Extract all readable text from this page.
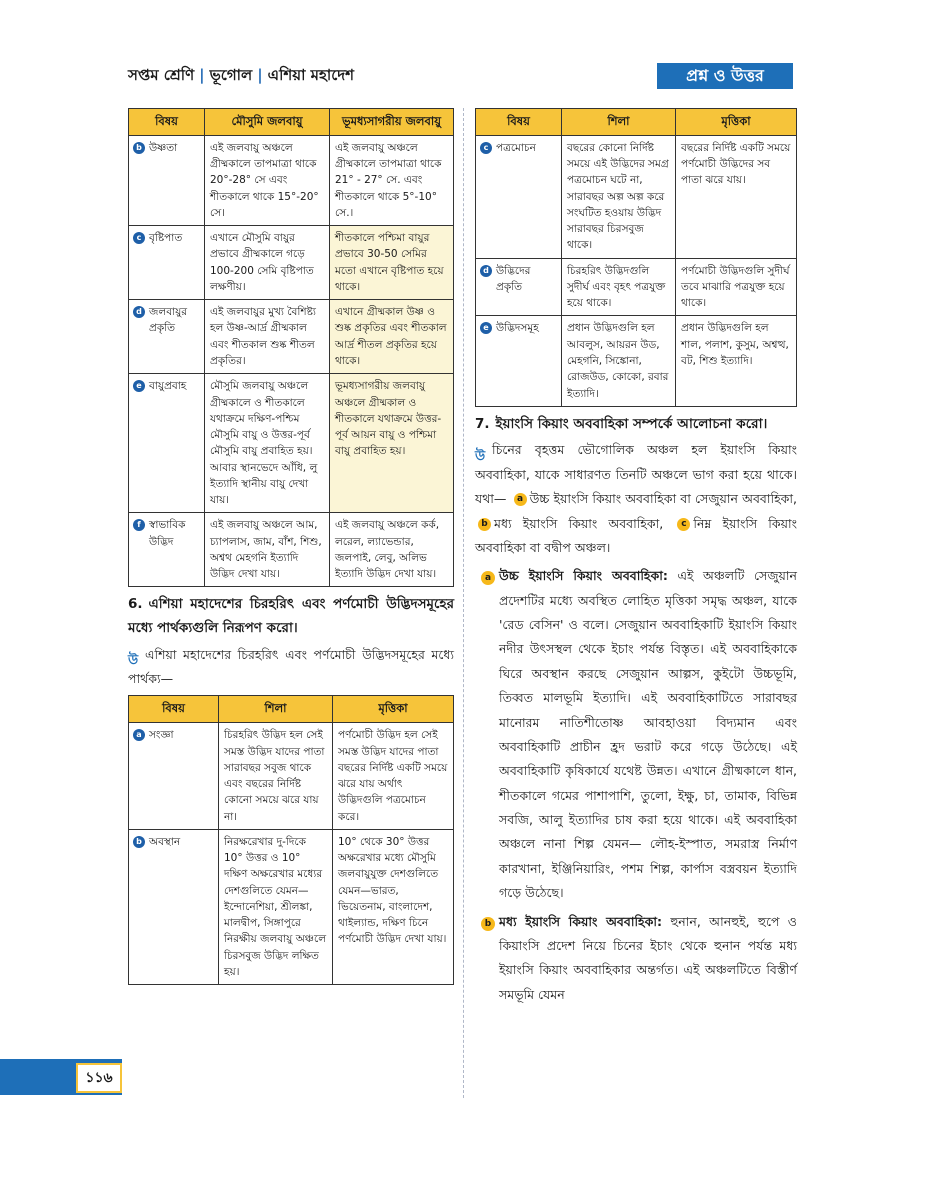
সপ্তম শ্রেণি | ভূগোল | এশিয়া মহাদেশ	প্রশ্ন ও উত্তর
বিষয়	মৌসুমি জলবায়ু	ভূমধ্যসাগরীয় জলবায়ু

b উষ্ণতা	এই জলবায়ু অঞ্চলে গ্রীষ্মকালে তাপমাত্রা থাকে 20°-28° সে এবং শীতকালে থাকে 15°-20° সে।	এই জলবায়ু অঞ্চলে গ্রীষ্মকালে তাপমাত্রা থাকে 21° - 27° সে. এবং শীতকালে থাকে 5°-10° সে.।

c বৃষ্টিপাত	এখানে মৌসুমি বায়ুর প্রভাবে গ্রীষ্মকালে গড়ে 100-200 সেমি বৃষ্টিপাত লক্ষণীয়।	শীতকালে পশ্চিমা বায়ুর প্রভাবে 30-50 সেমির মতো এখানে বৃষ্টিপাত হয়ে থাকে।

d জলবায়ুর প্রকৃতি	এই জলবায়ুর মুখ্য বৈশিষ্ট্য হল উষ্ণ-আর্দ্র গ্রীষ্মকাল এবং শীতকাল শুষ্ক শীতল প্রকৃতির।	এখানে গ্রীষ্মকাল উষ্ণ ও শুষ্ক প্রকৃতির এবং শীতকাল আর্দ্র শীতল প্রকৃতির হয়ে থাকে।

e বায়ুপ্রবাহ	মৌসুমি জলবায়ু অঞ্চলে গ্রীষ্মকালে ও শীতকালে যথাক্রমে দক্ষিণ-পশ্চিম মৌসুমি বায়ু ও উত্তর-পূর্ব মৌসুমি বায়ু প্রবাহিত হয়। আবার স্থানভেদে আঁধি, লু ইত্যাদি স্থানীয় বায়ু দেখা যায়।	ভূমধ্যসাগরীয় জলবায়ু অঞ্চলে গ্রীষ্মকাল ও শীতকালে যথাক্রমে উত্তর-পূর্ব আয়ন বায়ু ও পশ্চিমা বায়ু প্রবাহিত হয়।

f স্বাভাবিক উদ্ভিদ	এই জলবায়ু অঞ্চলে আম, চ্যাপলাস, জাম, বাঁশ, শিশু, অশ্বথ মেহগনি ইত্যাদি উদ্ভিদ দেখা যায়।	এই জলবায়ু অঞ্চলে কর্ক, লরেল, ল্যাভেন্ডার, জলপাই, লেবু, অলিভ ইত্যাদি উদ্ভিদ দেখা যায়।
6. এশিয়া মহাদেশের চিরহরিৎ এবং পর্ণমোচী উদ্ভিদসমূহের মধ্যে পার্থক্যগুলি নিরূপণ করো।
উ এশিয়া মহাদেশের চিরহরিৎ এবং পর্ণমোচী উদ্ভিদসমূহের মধ্যে পার্থক্য—
বিষয়	শিলা	মৃত্তিকা

a সংজ্ঞা	চিরহরিৎ উদ্ভিদ হল সেই সমস্ত উদ্ভিদ যাদের পাতা সারাবছর সবুজ থাকে এবং বছরের নির্দিষ্ট কোনো সময়ে ঝরে যায় না।	পর্ণমোচী উদ্ভিদ হল সেই সমস্ত উদ্ভিদ যাদের পাতা বছরের নির্দিষ্ট একটি সময়ে ঝরে যায় অর্থাৎ উদ্ভিদগুলি পত্রমোচন করে।

b অবস্থান	নিরক্ষরেখার দু-দিকে 10° উত্তর ও 10° দক্ষিণ অক্ষরেখার মধ্যের দেশগুলিতে যেমন—ইন্দোনেশিয়া, শ্রীলঙ্কা, মালদ্বীপ, সিঙ্গাপুরে নিরক্ষীয় জলবায়ু অঞ্চলে চিরসবুজ উদ্ভিদ লক্ষিত হয়।	10° থেকে 30° উত্তর অক্ষরেখার মধ্যে মৌসুমি জলবায়ুযুক্ত দেশগুলিতে যেমন—ভারত, ভিয়েতনাম, বাংলাদেশ, থাইল্যান্ড, দক্ষিণ চিনে পর্ণমোচী উদ্ভিদ দেখা যায়।
বিষয়	শিলা	মৃত্তিকা

c পত্রমোচন	বছরের কোনো নির্দিষ্ট সময়ে এই উদ্ভিদের সমগ্র পত্রমোচন ঘটে না, সারাবছর অল্প অল্প করে সংঘটিত হওয়ায় উদ্ভিদ সারাবছর চিরসবুজ থাকে।	বছরের নির্দিষ্ট একটি সময়ে পর্ণমোচী উদ্ভিদের সব পাতা ঝরে যায়।

d উদ্ভিদের প্রকৃতি	চিরহরিৎ উদ্ভিদগুলি সুদীর্ঘ এবং বৃহৎ পত্রযুক্ত হয়ে থাকে।	পর্ণমোচী উদ্ভিদগুলি সুদীর্ঘ তবে মাঝারি পত্রযুক্ত হয়ে থাকে।

e উদ্ভিদসমূহ	প্রধান উদ্ভিদগুলি হল আবলুস, আয়রন উড, মেহগনি, সিঙ্কোনা, রোজউড, কোকো, রবার ইত্যাদি।	প্রধান উদ্ভিদগুলি হল শাল, পলাশ, কুসুম, অশ্বত্থ, বট, শিশু ইত্যাদি।
7. ইয়াংসি কিয়াং অববাহিকা সম্পর্কে আলোচনা করো।
উ চিনের বৃহত্তম ভৌগোলিক অঞ্চল হল ইয়াংসি কিয়াং অববাহিকা, যাকে সাধারণত তিনটি অঞ্চলে ভাগ করা হয়ে থাকে। যথা— a উচ্চ ইয়াংসি কিয়াং অববাহিকা বা সেজুয়ান অববাহিকা, b মধ্য ইয়াংসি কিয়াং অববাহিকা, c নিম্ন ইয়াংসি কিয়াং অববাহিকা বা বদ্বীপ অঞ্চল।
a উচ্চ ইয়াংসি কিয়াং অববাহিকা: এই অঞ্চলটি সেজুয়ান প্রদেশটির মধ্যে অবস্থিত লোহিত মৃত্তিকা সমৃদ্ধ অঞ্চল, যাকে 'রেড বেসিন' ও বলে। সেজুয়ান অববাহিকাটি ইয়াংসি কিয়াং নদীর উৎসস্থল থেকে ইচাং পর্যন্ত বিস্তৃত। এই অববাহিকাকে ঘিরে অবস্থান করছে সেজুয়ান আল্পস, কুইটো উচ্চভূমি, তিব্বত মালভূমি ইত্যাদি। এই অববাহিকাটিতে সারাবছর মানোরম নাতিশীতোষ্ণ আবহাওয়া বিদ্যমান এবং অববাহিকাটি প্রাচীন হ্রদ ভরাট করে গড়ে উঠেছে। এই অববাহিকাটি কৃষিকার্যে যথেষ্ট উন্নত। এখানে গ্রীষ্মকালে ধান, শীতকালে গমের পাশাপাশি, তুলো, ইক্ষু, চা, তামাক, বিভিন্ন সবজি, আলু ইত্যাদির চাষ করা হয়ে থাকে। এই অববাহিকা অঞ্চলে নানা শিল্প যেমন— লৌহ-ইস্পাত, সমরাস্ত্র নির্মাণ কারখানা, ইঞ্জিনিয়ারিং, পশম শিল্প, কার্পাস বস্ত্রবয়ন ইত্যাদি গড়ে উঠেছে।
b মধ্য ইয়াংসি কিয়াং অববাহিকা: হুনান, আনহুই, হুপে ও কিয়াংসি প্রদেশ নিয়ে চিনের ইচাং থেকে হুনান পর্যন্ত মধ্য ইয়াংসি কিয়াং অববাহিকার অন্তর্গত। এই অঞ্চলটিতে বিস্তীর্ণ সমভূমি যেমন
১১৬
